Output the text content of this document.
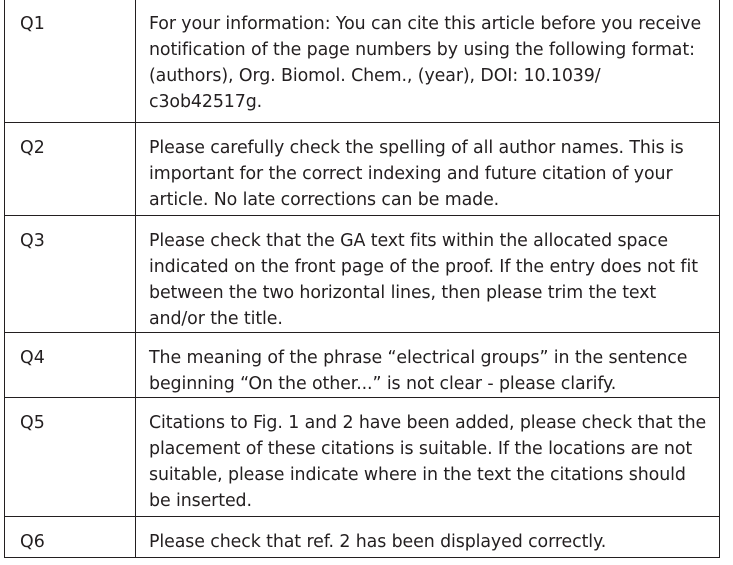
Q1	For your information: You can cite this article before you receive notification of the page numbers by using the following format: (authors), Org. Biomol. Chem., (year), DOI: 10.1039/ c3ob42517g.
Q2	Please carefully check the spelling of all author names. This is important for the correct indexing and future citation of your article. No late corrections can be made.
Q3	Please check that the GA text fits within the allocated space indicated on the front page of the proof. If the entry does not fit between the two horizontal lines, then please trim the text and/or the title.
Q4	The meaning of the phrase “electrical groups” in the sentence beginning “On the other...” is not clear - please clarify.
Q5	Citations to Fig. 1 and 2 have been added, please check that the placement of these citations is suitable. If the locations are not suitable, please indicate where in the text the citations should be inserted.
Q6	Please check that ref. 2 has been displayed correctly.
